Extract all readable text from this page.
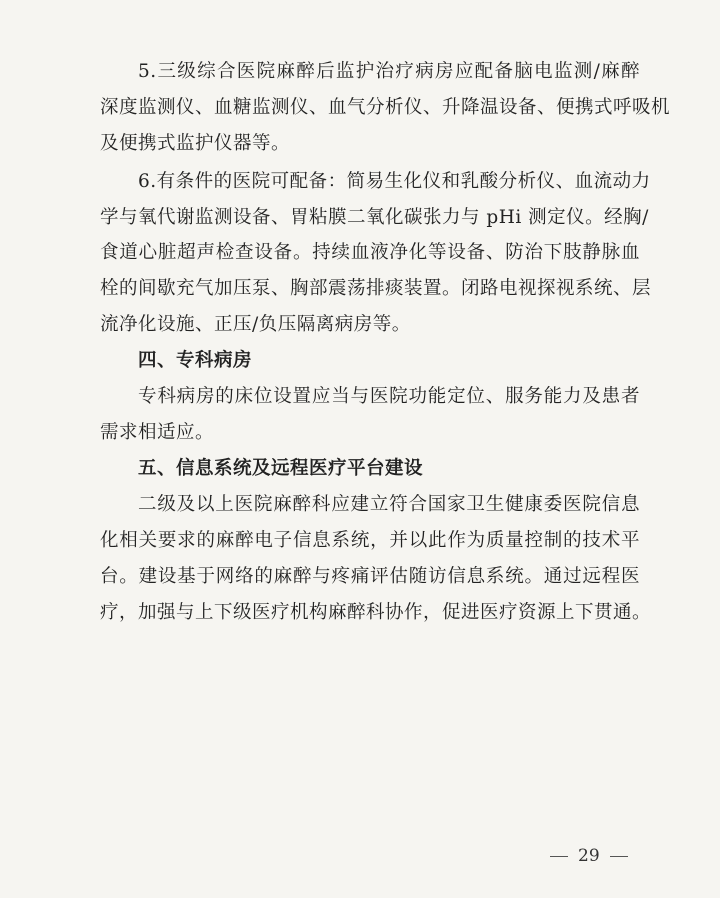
5.三级综合医院麻醉后监护治疗病房应配备脑电监测/麻醉
深度监测仪、血糖监测仪、血气分析仪、升降温设备、便携式呼吸机
及便携式监护仪器等。
6.有条件的医院可配备：简易生化仪和乳酸分析仪、血流动力
学与氧代谢监测设备、胃粘膜二氧化碳张力与 pHi 测定仪。经胸/
食道心脏超声检查设备。持续血液净化等设备、防治下肢静脉血
栓的间歇充气加压泵、胸部震荡排痰装置。闭路电视探视系统、层
流净化设施、正压/负压隔离病房等。
四、专科病房
专科病房的床位设置应当与医院功能定位、服务能力及患者
需求相适应。
五、信息系统及远程医疗平台建设
二级及以上医院麻醉科应建立符合国家卫生健康委医院信息
化相关要求的麻醉电子信息系统，并以此作为质量控制的技术平
台。建设基于网络的麻醉与疼痛评估随访信息系统。通过远程医
疗，加强与上下级医疗机构麻醉科协作，促进医疗资源上下贯通。
29
